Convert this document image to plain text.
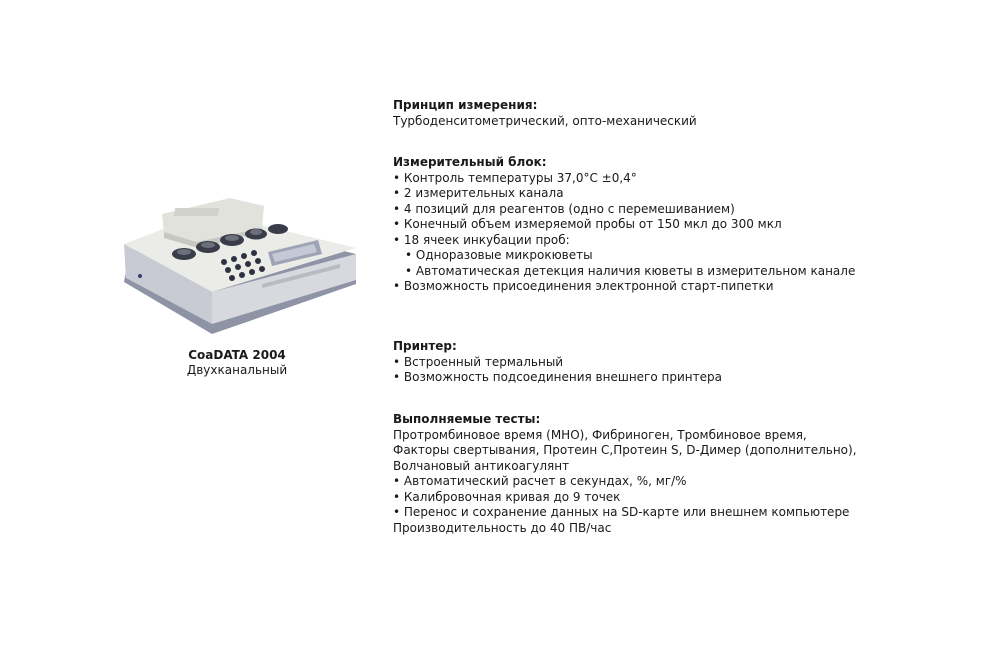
CoaDATA 2004
Двухканальный
Принцип измерения:

Турбоденситометрический, опто-механический

Измерительный блок:
• Контроль температуры 37,0°С ±0,4°
• 2 измерительных канала
• 4 позиций для реагентов (одно с перемешиванием)
• Конечный объем измеряемой пробы от 150 мкл до 300 мкл
• 18 ячеек инкубации проб:
• Одноразовые микрокюветы
• Автоматическая детекция наличия кюветы в измерительном канале
• Возможность присоединения электронной старт-пипетки
Принтер:
• Встроенный термальный
• Возможность подсоединения внешнего принтера
Выполняемые тесты:

Протромбиновое время (МНО), Фибриноген, Тромбиновое время,

Факторы свертывания, Протеин С,Протеин S, D-Димер (дополнительно),

Волчановый антикоагулянт

• Автоматический расчет в секундах, %, мг/%
• Калибровочная кривая до 9 точек
• Перенос и сохранение данных на SD-карте или внешнем компьютере

Производительность до 40 ПВ/час
